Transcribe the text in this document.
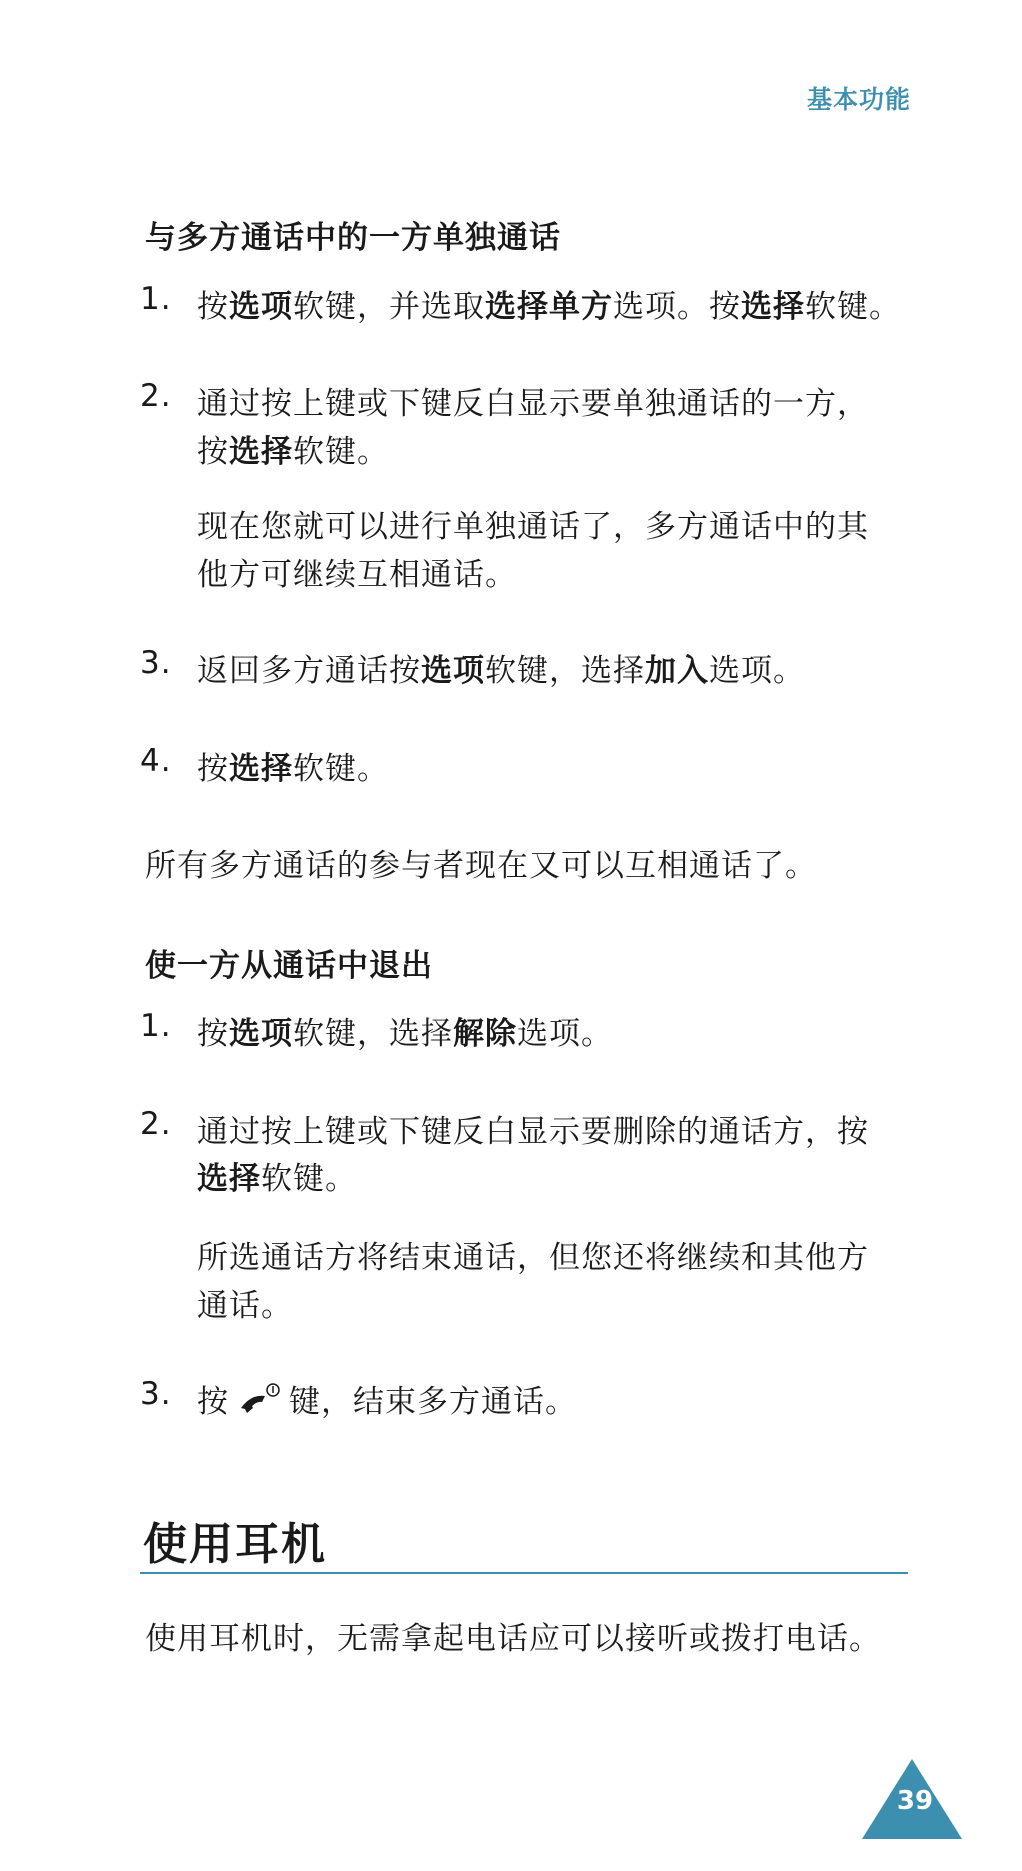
基本功能
与多方通话中的一方单独通话
1. 按选项软键，并选取选择单方选项。按选择软键。
2. 通过按上键或下键反白显示要单独通话的一方，
按选择软键。
现在您就可以进行单独通话了，多方通话中的其
他方可继续互相通话。
3. 返回多方通话按选项软键，选择加入选项。
4. 按选择软键。
所有多方通话的参与者现在又可以互相通话了。
使一方从通话中退出
1. 按选项软键，选择解除选项。
2. 通过按上键或下键反白显示要删除的通话方，按
选择软键。
所选通话方将结束通话，但您还将继续和其他方
通话。
3. 按 键，结束多方通话。
使用耳机
使用耳机时，无需拿起电话应可以接听或拨打电话。
39
